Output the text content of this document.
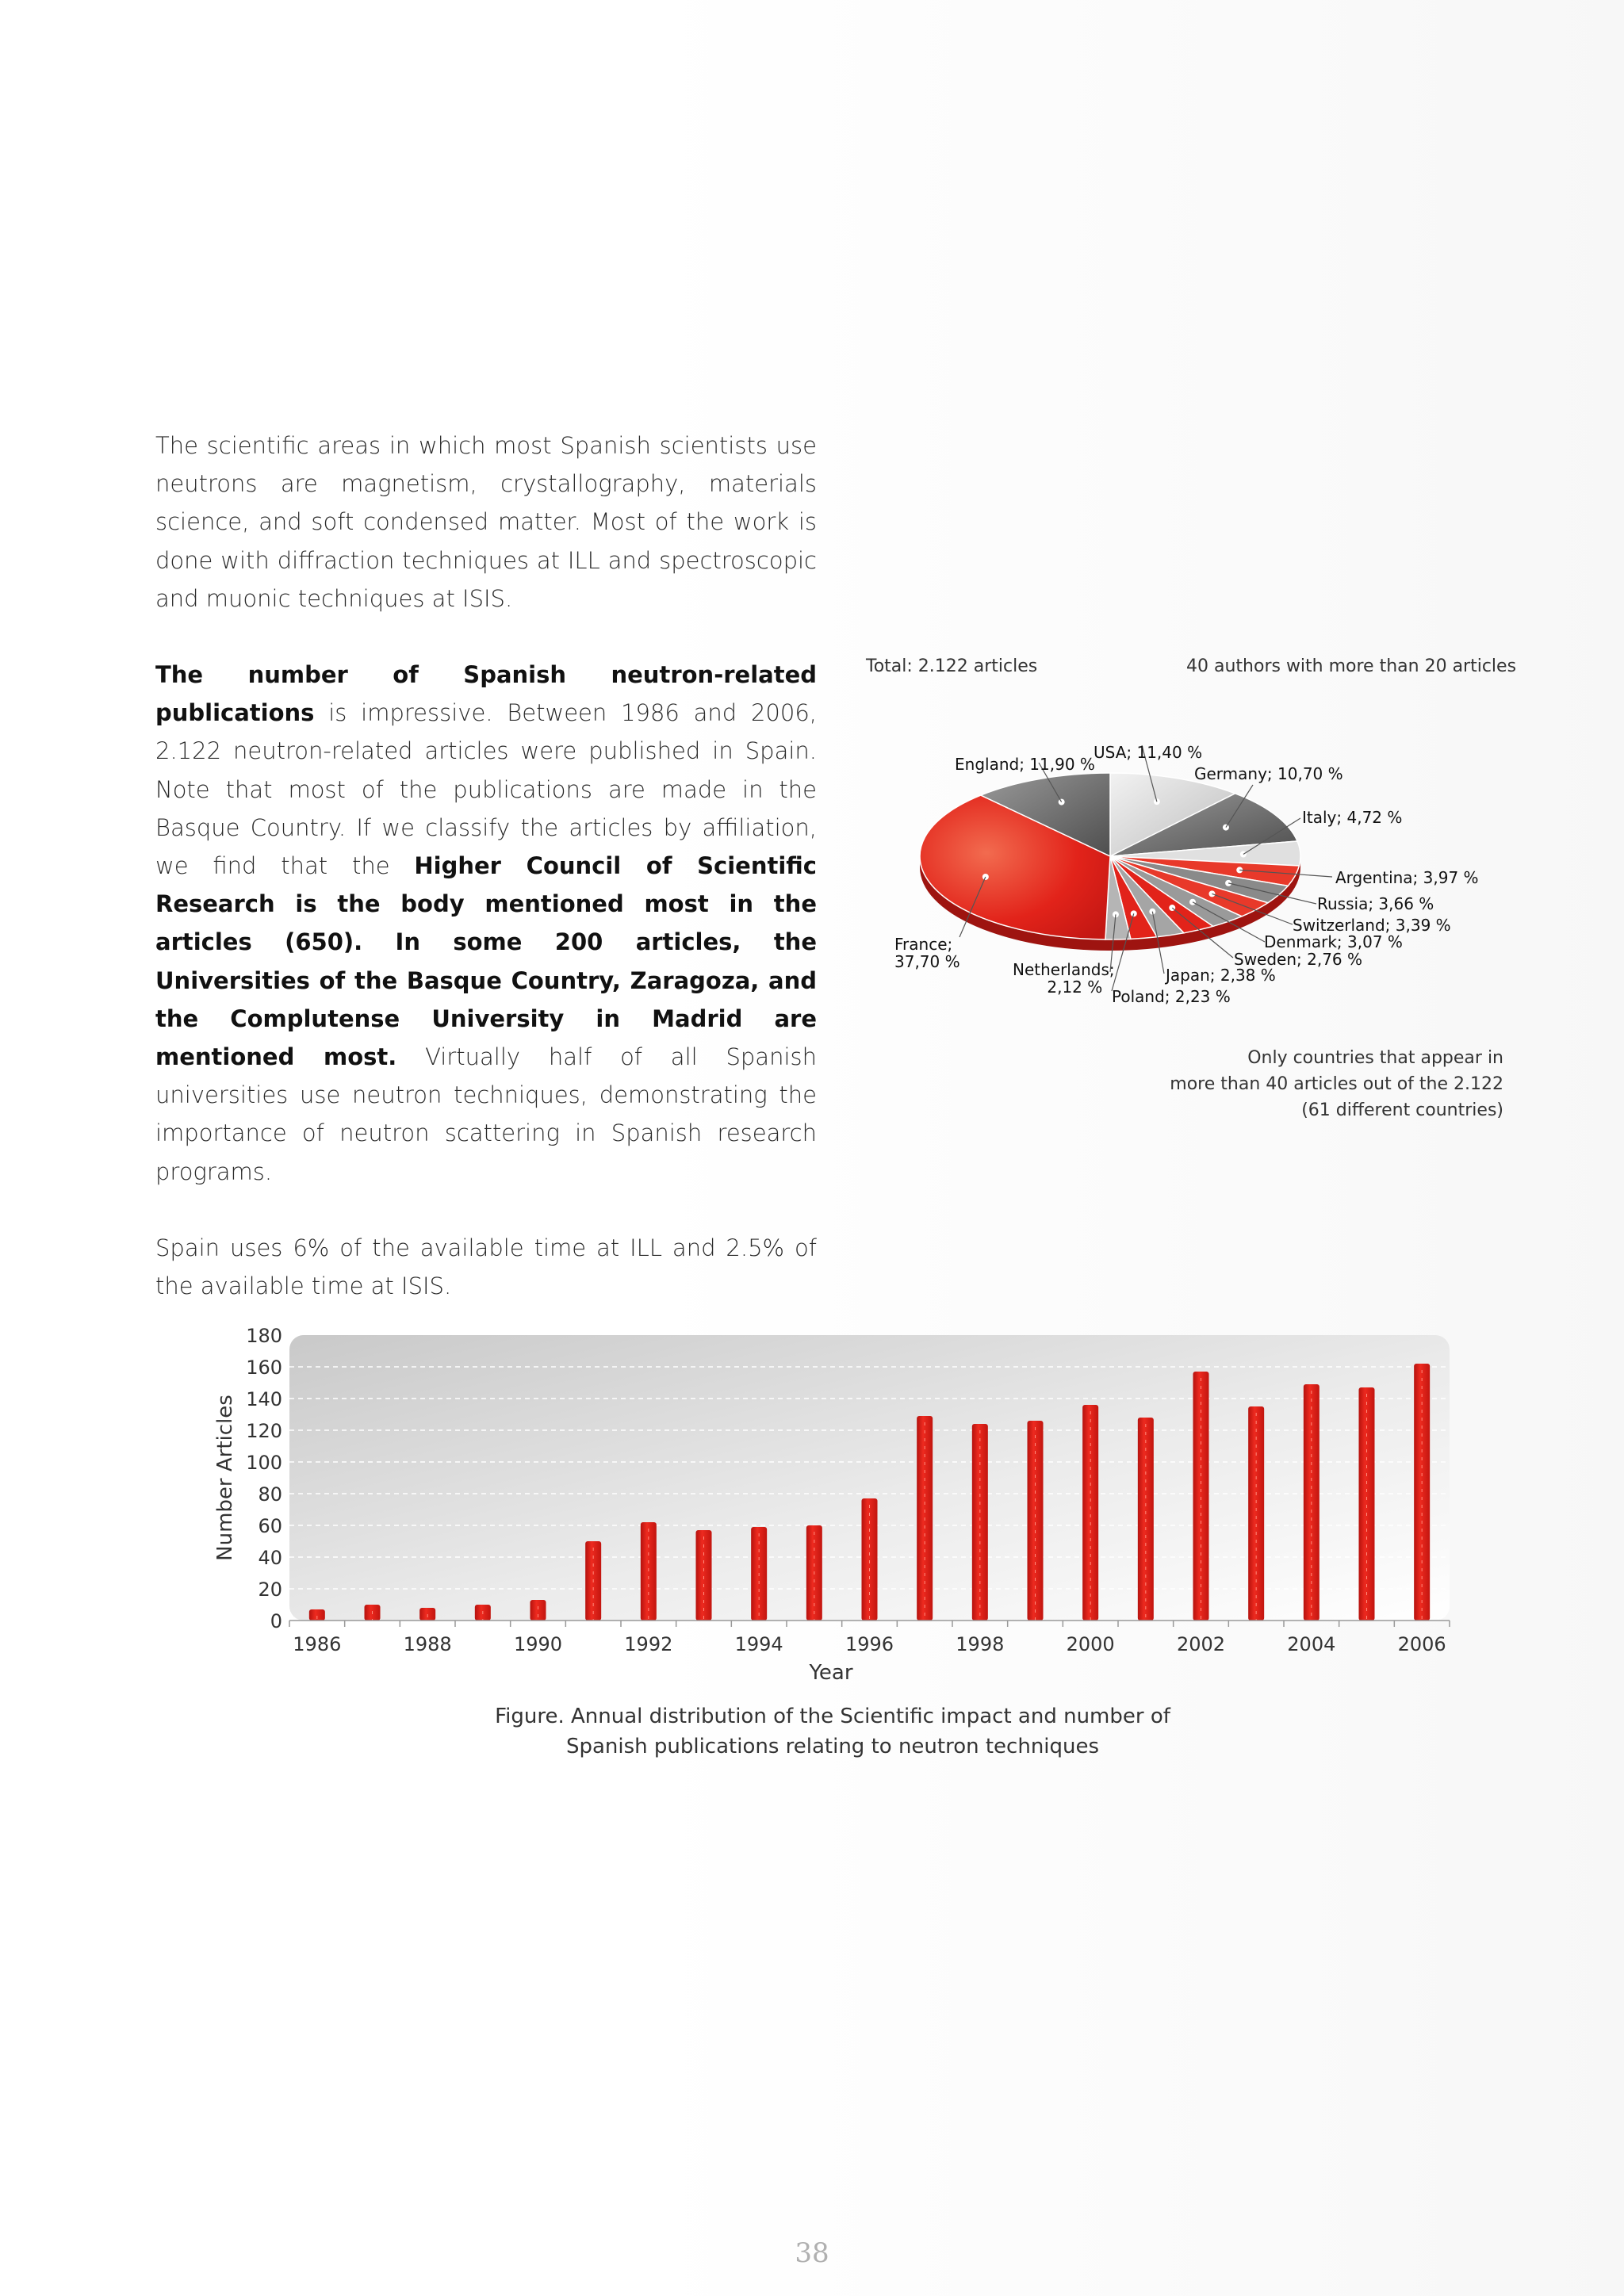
The scientific areas in which most Spanish scientists use neutrons are magnetism, crystallography, materials science, and soft condensed matter. Most of the work is done with diffraction techniques at ILL and spectroscopic and muonic techniques at ISIS.

The number of Spanish neutron-related publications is impressive. Between 1986 and 2006, 2.122 neutron-related articles were published in Spain. Note that most of the publications are made in the Basque Country. If we classify the articles by affiliation, we find that the Higher Council of Scientific Research is the body mentioned most in the articles (650). In some 200 articles, the Universities of the Basque Country, Zaragoza, and the Complutense University in Madrid are mentioned most. Virtually half of all Spanish universities use neutron techniques, demonstrating the importance of neutron scattering in Spanish research programs.

Spain uses 6% of the available time at ILL and 2.5% of the available time at ISIS.

Total: 2.122 articles	40 authors with more than 20 articles
USA; 11,40 %
England; 11,90 %	Germany; 10,70 %
Italy; 4,72 %
Argentina; 3,97 %
Russia; 3,66 %
Switzerland; 3,39 %
Denmark; 3,07 %
Sweden; 2,76 %
Japan; 2,38 %
Poland; 2,23 %
Netherlands;
2,12 %
France;
37,70 %
Only countries that appear in
more than 40 articles out of the 2.122
(61 different countries)
0
20
40
60
80
100
120
140
160
180
1986	1988	1990	1992	1994	1996	1998	2000	2002	2004	2006
Year
Number Articles
Figure. Annual distribution of the Scientific impact and number of
Spanish publications relating to neutron techniques
38
